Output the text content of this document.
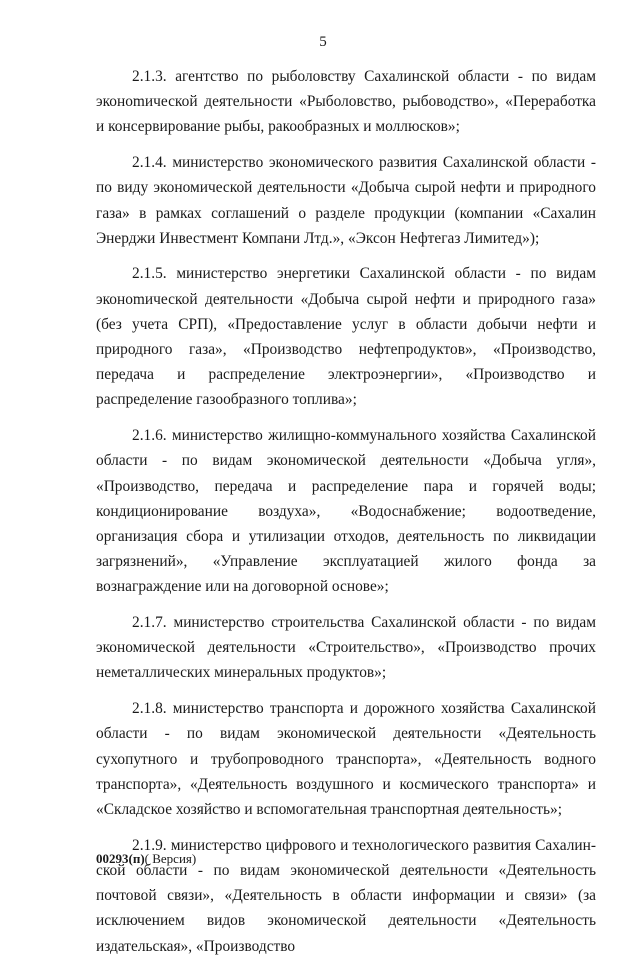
5

2.1.3. агентство по рыболовству Сахалинской области - по видам эконоmической деятельности «Рыболовство, рыбоводство», «Переработка и консервирование рыбы, ракообразных и моллюсков»;

2.1.4. министерство экономического развития Сахалинской области - по виду экономической деятельности «Добыча сырой нефти и природного газа» в рамках соглашений о разделе продукции (компании «Сахалин Энерджи Инвестмент Компани Лтд.», «Эксон Нефтегаз Лимитед»);

2.1.5. министерство энергетики Сахалинской области - по видам эконоmической деятельности «Добыча сырой нефти и природного газа» (без учета СРП), «Предоставление услуг в области добычи нефти и природного газа», «Производство нефтепродуктов», «Производство, передача и распределение электроэнергии», «Производство и распределение газообразного топлива»;

2.1.6. министерство жилищно-коммунального хозяйства Сахалинской области - по видам экономической деятельности «Добыча угля», «Производство, передача и распределение пара и горячей воды; кондиционирование воздуха», «Водоснабжение; водоотведение, организация сбора и утилизации отходов, деятельность по ликвидации загрязнений», «Управление эксплуатацией жилого фонда за вознаграждение или на договорной основе»;

2.1.7. министерство строительства Сахалинской области - по видам экономической деятельности «Строительство», «Производство прочих неметаллических минеральных продуктов»;

2.1.8. министерство транспорта и дорожного хозяйства Сахалинской области - по видам экономической деятельности «Деятельность сухопутного и трубопроводного транспорта», «Деятельность водного транспорта», «Деятельность воздушного и космического транспорта» и «Складское хозяйство и вспомогательная транспортная деятельность»;

2.1.9. министерство цифрового и технологического развития Сахалинской области - по видам экономической деятельности «Деятельность почтовой связи», «Деятельность в области информации и связи» (за исключением видов экономической деятельности «Деятельность издательская», «Производство

00293(п)( Версия)
